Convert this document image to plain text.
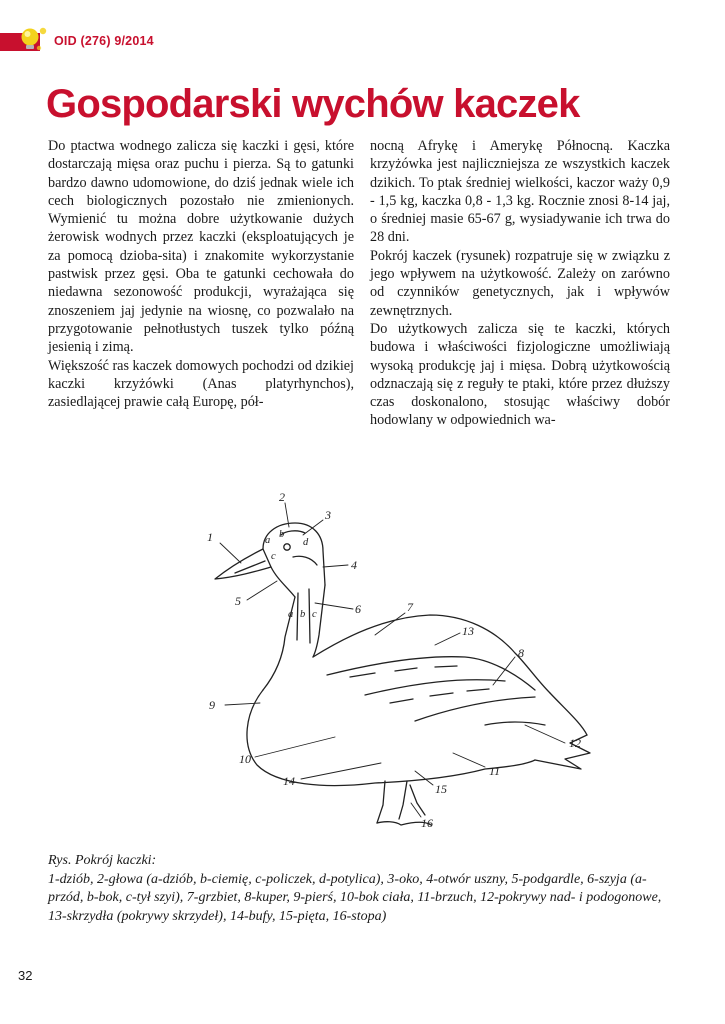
OID (276) 9/2014
Gospodarski wychów kaczek

Do ptactwa wodnego zalicza się kaczki i gęsi, które dostarczają mięsa oraz puchu i pierza. Są to gatunki bardzo dawno udomowione, do dziś jednak wiele ich cech biologicznych pozostało nie zmienionych. Wymienić tu można dobre użytkowanie dużych żerowisk wodnych przez kaczki (eksploatujących je za pomocą dzioba-sita) i znakomite wykorzystanie pastwisk przez gęsi. Oba te gatunki cechowała do niedawna sezonowość produkcji, wyrażająca się znoszeniem jaj jedynie na wiosnę, co pozwalało na przygotowanie pełnotłustych tuszek tylko późną jesienią i zimą.

Większość ras kaczek domowych pochodzi od dzikiej kaczki krzyżówki (Anas platyrhynchos), zasiedlającej prawie całą Europę, pół-

nocną Afrykę i Amerykę Północną. Kaczka krzyżówka jest najliczniejsza ze wszystkich kaczek dzikich. To ptak średniej wielkości, kaczor waży 0,9 - 1,5 kg, kaczka 0,8 - 1,3 kg. Rocznie znosi 8-14 jaj, o średniej masie 65-67 g, wysiadywanie ich trwa do 28 dni.

Pokrój kaczek (rysunek) rozpatruje się w związku z jego wpływem na użytkowość. Zależy on zarówno od czynników genetycznych, jak i wpływów zewnętrznych.

Do użytkowych zalicza się te kaczki, których budowa i właściwości fizjologiczne umożliwiają wysoką produkcję jaj i mięsa. Dobrą użytkowością odznaczają się z reguły te ptaki, które przez dłuższy czas doskonalono, stosując właściwy dobór hodowlany w odpowiednich wa-

1
2
3
4
5
6	7
8
9
10
11
12
13
14
15
16
a
b
c
d
a b c

Rys. Pokrój kaczki:

1-dziób, 2-głowa (a-dziób, b-ciemię, c-policzek, d-potylica), 3-oko, 4-otwór uszny, 5-podgardle, 6-szyja (a-przód, b-bok, c-tył szyi), 7-grzbiet, 8-kuper, 9-pierś, 10-bok ciała, 11-brzuch, 12-pokrywy nad- i podogonowe, 13-skrzydła (pokrywy skrzydeł), 14-bufy, 15-pięta, 16-stopa)

32
